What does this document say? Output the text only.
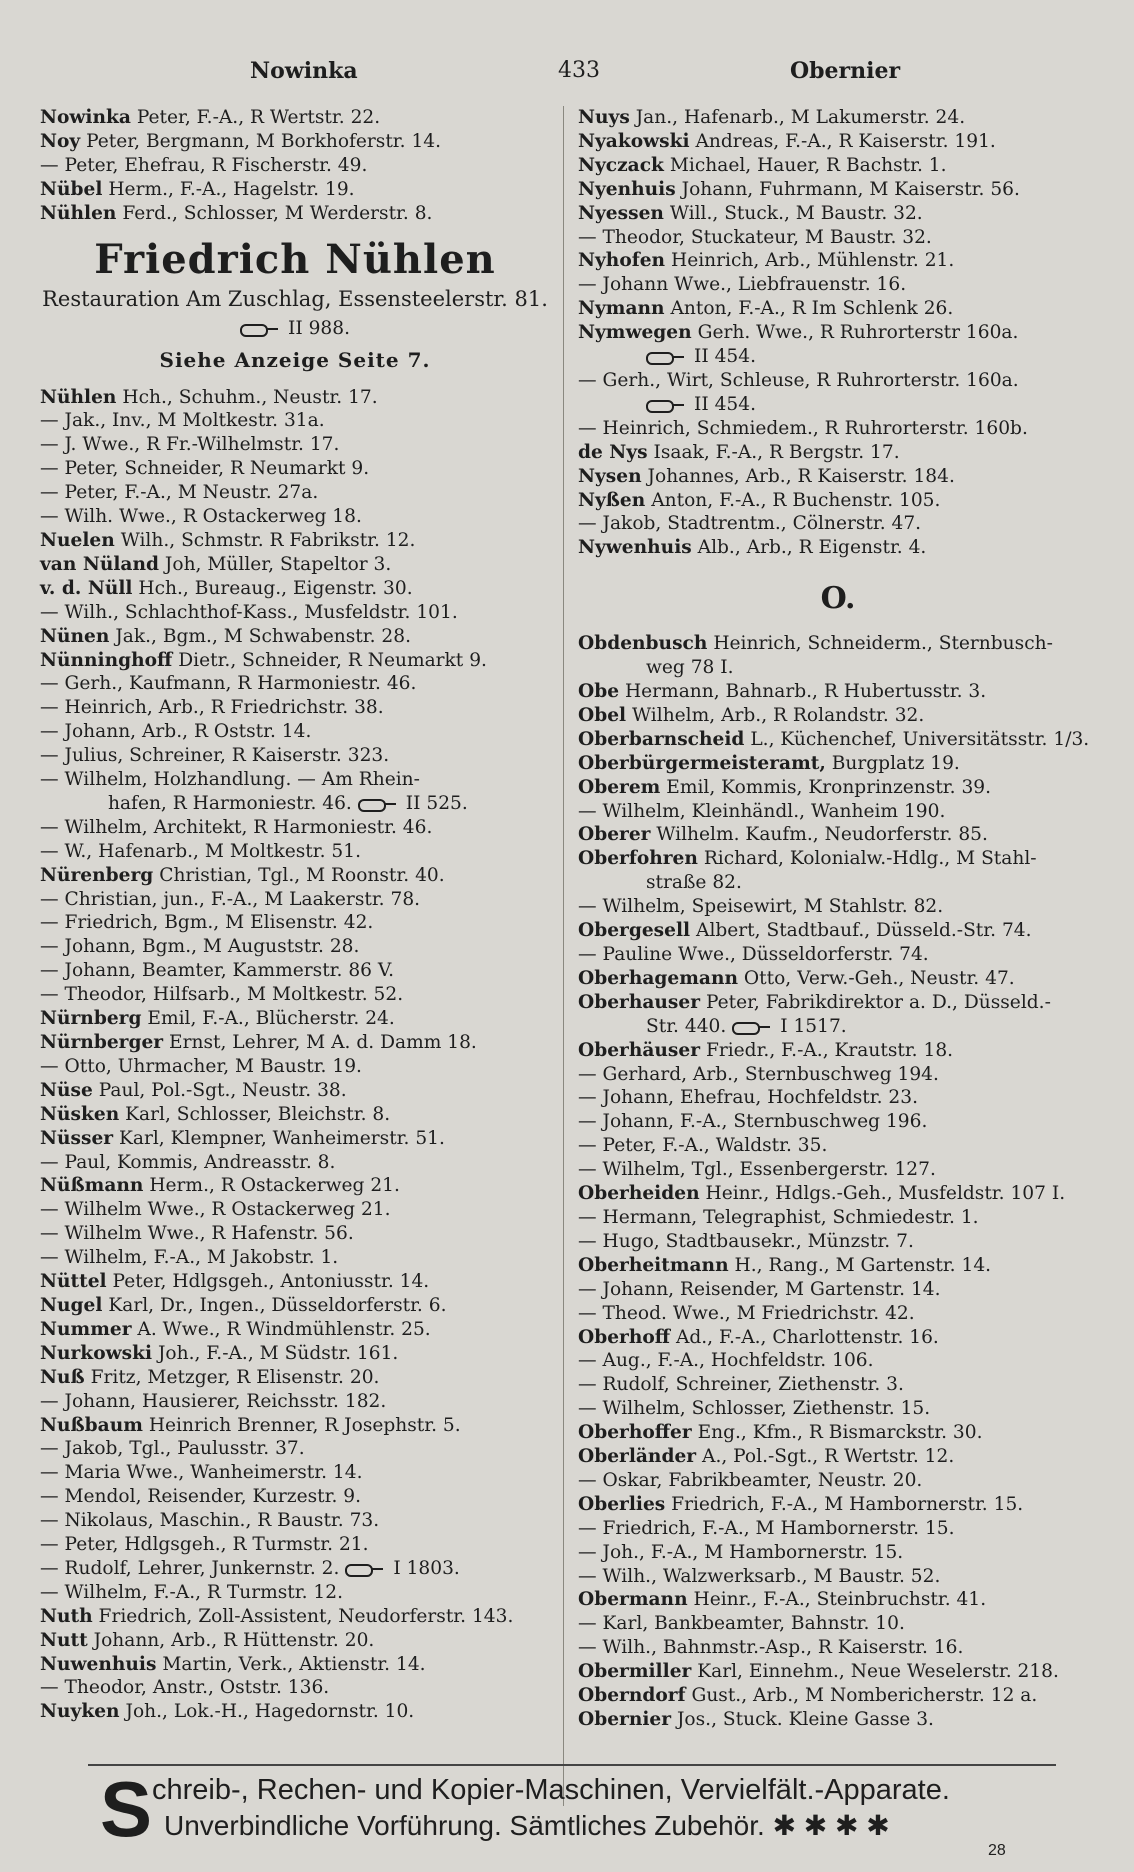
Nowinka	433	Obernier
Nowinka Peter, F.-A., R Wertstr. 22.
Noy Peter, Bergmann, M Borkhoferstr. 14.
— Peter, Ehefrau, R Fischerstr. 49.
Nübel Herm., F.-A., Hagelstr. 19.
Nühlen Ferd., Schlosser, M Werderstr. 8.
Friedrich Nühlen
Restauration Am Zuschlag, Essensteelerstr. 81.
II 988.
Siehe Anzeige Seite 7.
Nühlen Hch., Schuhm., Neustr. 17.
— Jak., Inv., M Moltkestr. 31a.
— J. Wwe., R Fr.-Wilhelmstr. 17.
— Peter, Schneider, R Neumarkt 9.
— Peter, F.-A., M Neustr. 27a.
— Wilh. Wwe., R Ostackerweg 18.
Nuelen Wilh., Schmstr. R Fabrikstr. 12.
van Nüland Joh, Müller, Stapeltor 3.
v. d. Nüll Hch., Bureaug., Eigenstr. 30.
— Wilh., Schlachthof-Kass., Musfeldstr. 101.
Nünen Jak., Bgm., M Schwabenstr. 28.
Nünninghoff Dietr., Schneider, R Neumarkt 9.
— Gerh., Kaufmann, R Harmoniestr. 46.
— Heinrich, Arb., R Friedrichstr. 38.
— Johann, Arb., R Oststr. 14.
— Julius, Schreiner, R Kaiserstr. 323.
— Wilhelm, Holzhandlung. — Am Rhein-
hafen, R Harmoniestr. 46.	II 525.
— Wilhelm, Architekt, R Harmoniestr. 46.
— W., Hafenarb., M Moltkestr. 51.
Nürenberg Christian, Tgl., M Roonstr. 40.
— Christian, jun., F.-A., M Laakerstr. 78.
— Friedrich, Bgm., M Elisenstr. 42.
— Johann, Bgm., M Auguststr. 28.
— Johann, Beamter, Kammerstr. 86 V.
— Theodor, Hilfsarb., M Moltkestr. 52.
Nürnberg Emil, F.-A., Blücherstr. 24.
Nürnberger Ernst, Lehrer, M A. d. Damm 18.
— Otto, Uhrmacher, M Baustr. 19.
Nüse Paul, Pol.-Sgt., Neustr. 38.
Nüsken Karl, Schlosser, Bleichstr. 8.
Nüsser Karl, Klempner, Wanheimerstr. 51.
— Paul, Kommis, Andreasstr. 8.
Nüßmann Herm., R Ostackerweg 21.
— Wilhelm Wwe., R Ostackerweg 21.
— Wilhelm Wwe., R Hafenstr. 56.
— Wilhelm, F.-A., M Jakobstr. 1.
Nüttel Peter, Hdlgsgeh., Antoniusstr. 14.
Nugel Karl, Dr., Ingen., Düsseldorferstr. 6.
Nummer A. Wwe., R Windmühlenstr. 25.
Nurkowski Joh., F.-A., M Südstr. 161.
Nuß Fritz, Metzger, R Elisenstr. 20.
— Johann, Hausierer, Reichsstr. 182.
Nußbaum Heinrich Brenner, R Josephstr. 5.
— Jakob, Tgl., Paulusstr. 37.
— Maria Wwe., Wanheimerstr. 14.
— Mendol, Reisender, Kurzestr. 9.
— Nikolaus, Maschin., R Baustr. 73.
— Peter, Hdlgsgeh., R Turmstr. 21.
— Rudolf, Lehrer, Junkernstr. 2.	I 1803.
— Wilhelm, F.-A., R Turmstr. 12.
Nuth Friedrich, Zoll-Assistent, Neudorferstr. 143.
Nutt Johann, Arb., R Hüttenstr. 20.
Nuwenhuis Martin, Verk., Aktienstr. 14.
— Theodor, Anstr., Oststr. 136.
Nuyken Joh., Lok.-H., Hagedornstr. 10.
Nuys Jan., Hafenarb., M Lakumerstr. 24.
Nyakowski Andreas, F.-A., R Kaiserstr. 191.
Nyczack Michael, Hauer, R Bachstr. 1.
Nyenhuis Johann, Fuhrmann, M Kaiserstr. 56.
Nyessen Will., Stuck., M Baustr. 32.
— Theodor, Stuckateur, M Baustr. 32.
Nyhofen Heinrich, Arb., Mühlenstr. 21.
— Johann Wwe., Liebfrauenstr. 16.
Nymann Anton, F.-A., R Im Schlenk 26.
Nymwegen Gerh. Wwe., R Ruhrorterstr 160a.
II 454.
— Gerh., Wirt, Schleuse, R Ruhrorterstr. 160a.
II 454.
— Heinrich, Schmiedem., R Ruhrorterstr. 160b.
de Nys Isaak, F.-A., R Bergstr. 17.
Nysen Johannes, Arb., R Kaiserstr. 184.
Nyßen Anton, F.-A., R Buchenstr. 105.
— Jakob, Stadtrentm., Cölnerstr. 47.
Nywenhuis Alb., Arb., R Eigenstr. 4.
O.
Obdenbusch Heinrich, Schneiderm., Sternbusch-
weg 78 I.
Obe Hermann, Bahnarb., R Hubertusstr. 3.
Obel Wilhelm, Arb., R Rolandstr. 32.
Oberbarnscheid L., Küchenchef, Universitätsstr. 1/3.
Oberbürgermeisteramt, Burgplatz 19.
Oberem Emil, Kommis, Kronprinzenstr. 39.
— Wilhelm, Kleinhändl., Wanheim 190.
Oberer Wilhelm. Kaufm., Neudorferstr. 85.
Oberfohren Richard, Kolonialw.-Hdlg., M Stahl-
straße 82.
— Wilhelm, Speisewirt, M Stahlstr. 82.
Obergesell Albert, Stadtbauf., Düsseld.-Str. 74.
— Pauline Wwe., Düsseldorferstr. 74.
Oberhagemann Otto, Verw.-Geh., Neustr. 47.
Oberhauser Peter, Fabrikdirektor a. D., Düsseld.-
Str. 440.	I 1517.
Oberhäuser Friedr., F.-A., Krautstr. 18.
— Gerhard, Arb., Sternbuschweg 194.
— Johann, Ehefrau, Hochfeldstr. 23.
— Johann, F.-A., Sternbuschweg 196.
— Peter, F.-A., Waldstr. 35.
— Wilhelm, Tgl., Essenbergerstr. 127.
Oberheiden Heinr., Hdlgs.-Geh., Musfeldstr. 107 I.
— Hermann, Telegraphist, Schmiedestr. 1.
— Hugo, Stadtbausekr., Münzstr. 7.
Oberheitmann H., Rang., M Gartenstr. 14.
— Johann, Reisender, M Gartenstr. 14.
— Theod. Wwe., M Friedrichstr. 42.
Oberhoff Ad., F.-A., Charlottenstr. 16.
— Aug., F.-A., Hochfeldstr. 106.
— Rudolf, Schreiner, Ziethenstr. 3.
— Wilhelm, Schlosser, Ziethenstr. 15.
Oberhoffer Eng., Kfm., R Bismarckstr. 30.
Oberländer A., Pol.-Sgt., R Wertstr. 12.
— Oskar, Fabrikbeamter, Neustr. 20.
Oberlies Friedrich, F.-A., M Hambornerstr. 15.
— Friedrich, F.-A., M Hambornerstr. 15.
— Joh., F.-A., M Hambornerstr. 15.
— Wilh., Walzwerksarb., M Baustr. 52.
Obermann Heinr., F.-A., Steinbruchstr. 41.
— Karl, Bankbeamter, Bahnstr. 10.
— Wilh., Bahnmstr.-Asp., R Kaiserstr. 16.
Obermiller Karl, Einnehm., Neue Weselerstr. 218.
Oberndorf Gust., Arb., M Nombericherstr. 12 a.
Obernier Jos., Stuck. Kleine Gasse 3.
S chreib-, Rechen- und Kopier-Maschinen, Vervielfält.-Apparate.
Unverbindliche Vorführung. Sämtliches Zubehör. ✱ ✱ ✱ ✱
28
